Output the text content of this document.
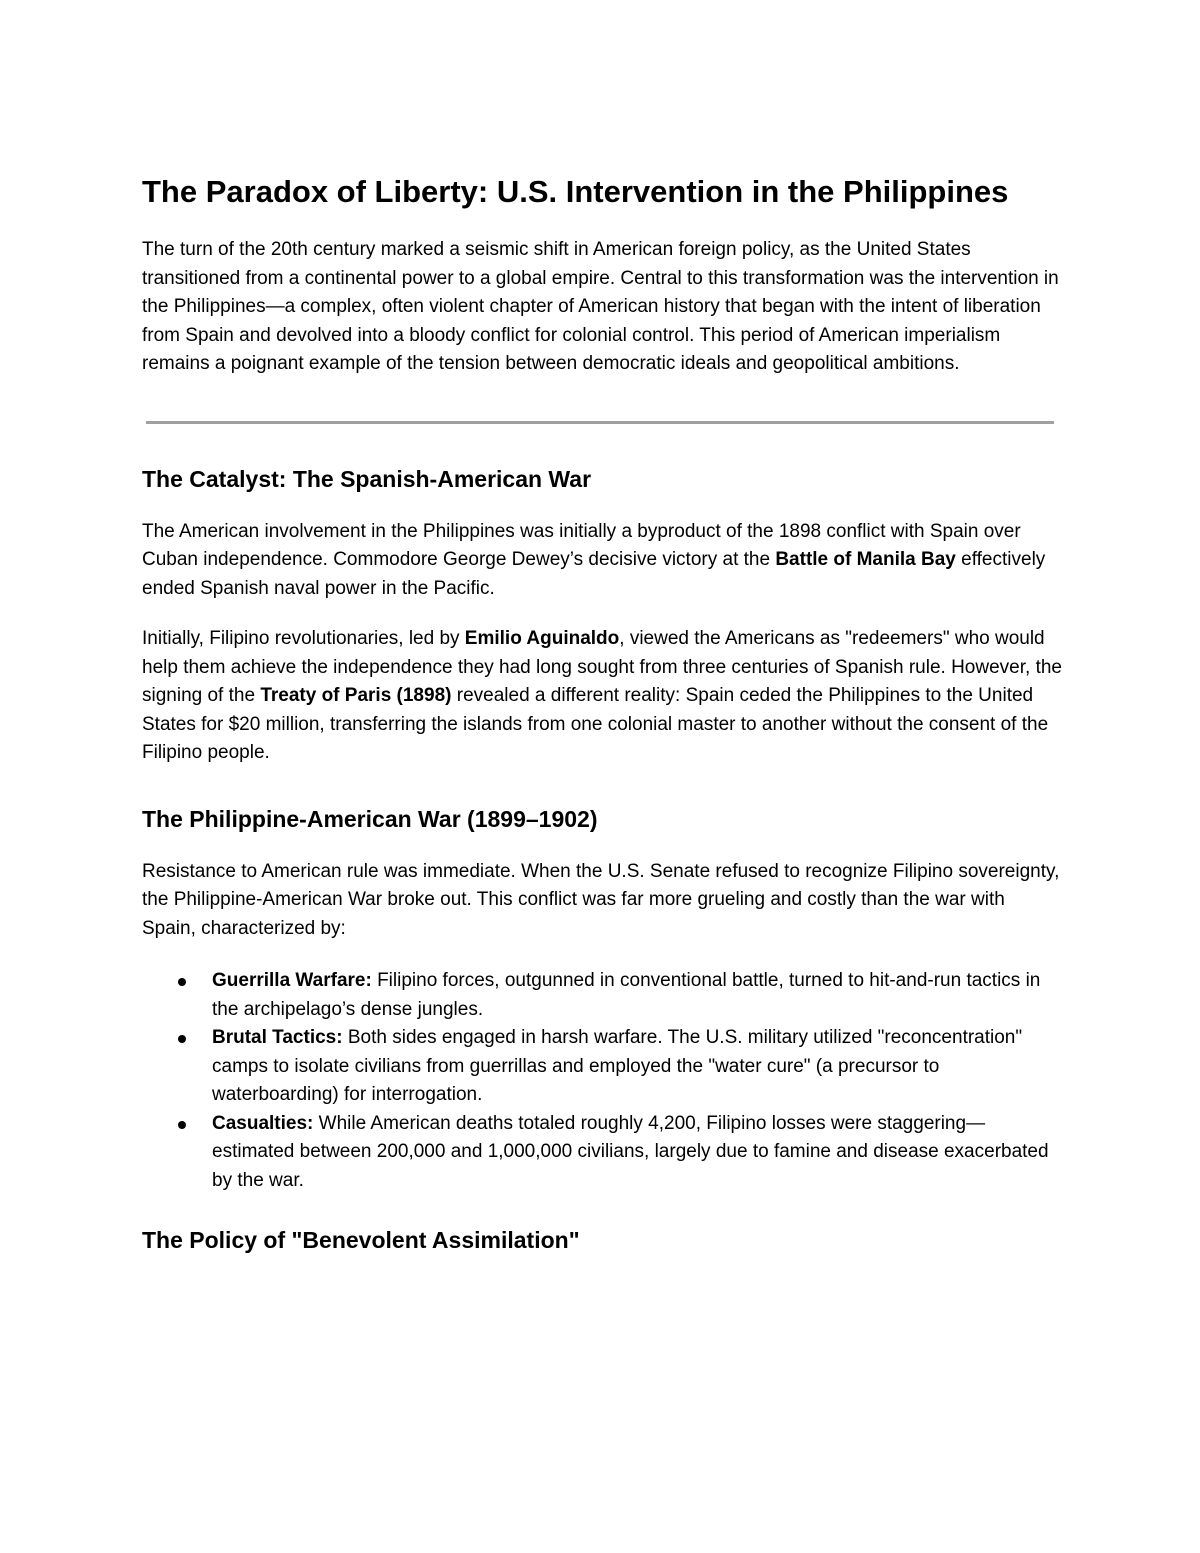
The Paradox of Liberty: U.S. Intervention in the Philippines

The turn of the 20th century marked a seismic shift in American foreign policy, as the United States transitioned from a continental power to a global empire. Central to this transformation was the intervention in the Philippines—a complex, often violent chapter of American history that began with the intent of liberation from Spain and devolved into a bloody conflict for colonial control. This period of American imperialism remains a poignant example of the tension between democratic ideals and geopolitical ambitions.

The Catalyst: The Spanish-American War

The American involvement in the Philippines was initially a byproduct of the 1898 conflict with Spain over Cuban independence. Commodore George Dewey’s decisive victory at the Battle of Manila Bay effectively ended Spanish naval power in the Pacific.

Initially, Filipino revolutionaries, led by Emilio Aguinaldo, viewed the Americans as "redeemers" who would help them achieve the independence they had long sought from three centuries of Spanish rule. However, the signing of the Treaty of Paris (1898) revealed a different reality: Spain ceded the Philippines to the United States for $20 million, transferring the islands from one colonial master to another without the consent of the Filipino people.

The Philippine-American War (1899–1902)

Resistance to American rule was immediate. When the U.S. Senate refused to recognize Filipino sovereignty, the Philippine-American War broke out. This conflict was far more grueling and costly than the war with Spain, characterized by:

Guerrilla Warfare: Filipino forces, outgunned in conventional battle, turned to hit-and-run tactics in the archipelago’s dense jungles.
Brutal Tactics: Both sides engaged in harsh warfare. The U.S. military utilized "reconcentration" camps to isolate civilians from guerrillas and employed the "water cure" (a precursor to waterboarding) for interrogation.
Casualties: While American deaths totaled roughly 4,200, Filipino losses were staggering—estimated between 200,000 and 1,000,000 civilians, largely due to famine and disease exacerbated by the war.
The Policy of "Benevolent Assimilation"
